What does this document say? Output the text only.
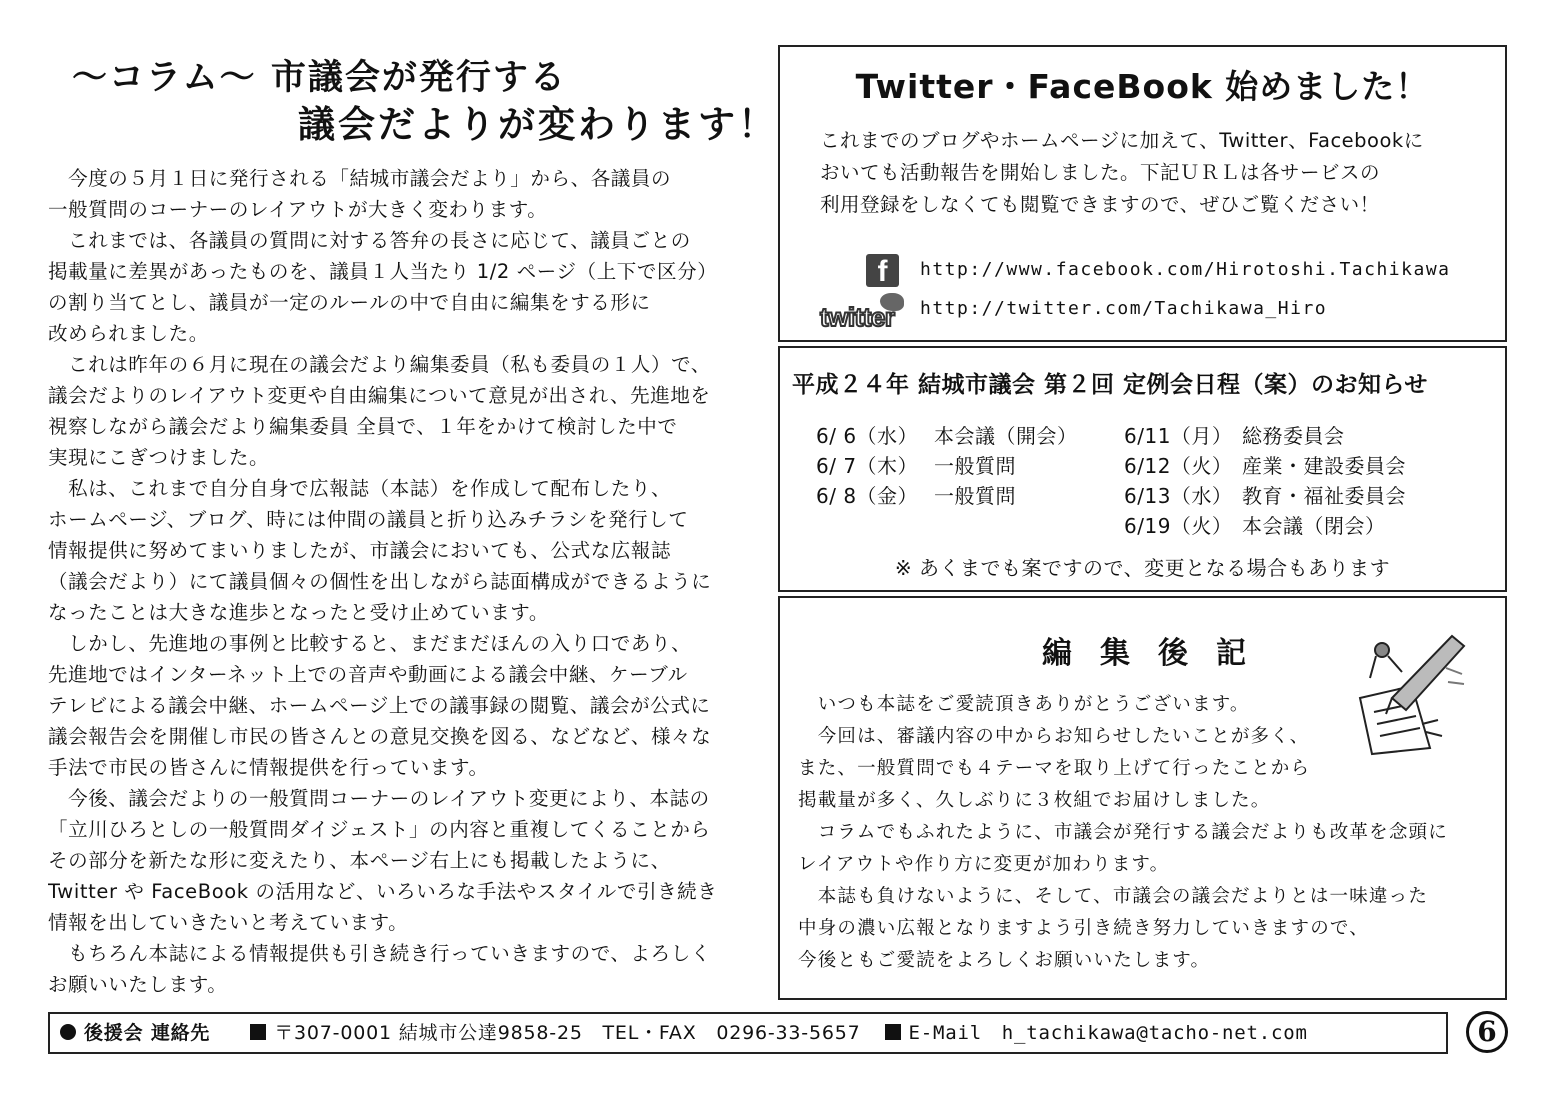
～コラム～ 市議会が発行する
議会だよりが変わります！
　今度の５月１日に発行される「結城市議会だより」から、各議員の
一般質問のコーナーのレイアウトが大きく変わります。
　これまでは、各議員の質問に対する答弁の長さに応じて、議員ごとの
掲載量に差異があったものを、議員１人当たり 1/2 ページ（上下で区分）
の割り当てとし、議員が一定のルールの中で自由に編集をする形に
改められました。
　これは昨年の６月に現在の議会だより編集委員（私も委員の１人）で、
議会だよりのレイアウト変更や自由編集について意見が出され、先進地を
視察しながら議会だより編集委員 全員で、１年をかけて検討した中で
実現にこぎつけました。
　私は、これまで自分自身で広報誌（本誌）を作成して配布したり、
ホームページ、ブログ、時には仲間の議員と折り込みチラシを発行して
情報提供に努めてまいりましたが、市議会においても、公式な広報誌
（議会だより）にて議員個々の個性を出しながら誌面構成ができるように
なったことは大きな進歩となったと受け止めています。
　しかし、先進地の事例と比較すると、まだまだほんの入り口であり、
先進地ではインターネット上での音声や動画による議会中継、ケーブル
テレビによる議会中継、ホームページ上での議事録の閲覧、議会が公式に
議会報告会を開催し市民の皆さんとの意見交換を図る、などなど、様々な
手法で市民の皆さんに情報提供を行っています。
　今後、議会だよりの一般質問コーナーのレイアウト変更により、本誌の
「立川ひろとしの一般質問ダイジェスト」の内容と重複してくることから
その部分を新たな形に変えたり、本ページ右上にも掲載したように、
Twitter や FaceBook の活用など、いろいろな手法やスタイルで引き続き
情報を出していきたいと考えています。
　もちろん本誌による情報提供も引き続き行っていきますので、よろしく
お願いいたします。
Twitter・FaceBook 始めました！
これまでのブログやホームページに加えて、Twitter、Facebookに
おいても活動報告を開始しました。下記ＵＲＬは各サービスの
利用登録をしなくても閲覧できますので、ぜひご覧ください！
f	http://www.facebook.com/Hirotoshi.Tachikawa
twitter http://twitter.com/Tachikawa_Hiro
平成２４年 結城市議会 第２回 定例会日程（案）のお知らせ
6/ 6（水） 本会議（開会）
6/ 7（木） 一般質問
6/ 8（金） 一般質問
6/11（月） 総務委員会
6/12（火） 産業・建設委員会
6/13（水） 教育・福祉委員会
6/19（火） 本会議（閉会）
※ あくまでも案ですので、変更となる場合もあります
編集後記
　いつも本誌をご愛読頂きありがとうございます。
　今回は、審議内容の中からお知らせしたいことが多く、
また、一般質問でも４テーマを取り上げて行ったことから
掲載量が多く、久しぶりに３枚組でお届けしました。
　コラムでもふれたように、市議会が発行する議会だよりも改革を念頭に
レイアウトや作り方に変更が加わります。
　本誌も負けないように、そして、市議会の議会だよりとは一味違った
中身の濃い広報となりますよう引き続き努力していきますので、
今後ともご愛読をよろしくお願いいたします。
後援会 連絡先	〒307-0001 結城市公達9858-25　TEL・FAX　0296-33-5657	E-Mail　h_tachikawa@tacho-net.com	6
